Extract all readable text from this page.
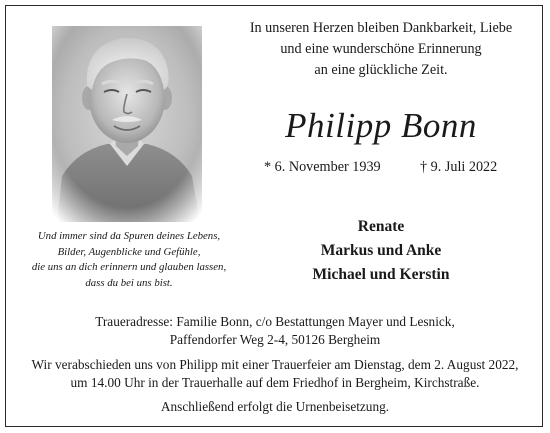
In unseren Herzen bleiben Dankbarkeit, Liebe
und eine wunderschöne Erinnerung
an eine glückliche Zeit.
Philipp Bonn
* 6. November 1939	† 9. Juli 2022
Und immer sind da Spuren deines Lebens,
Bilder, Augenblicke und Gefühle,
die uns an dich erinnern und glauben lassen,
dass du bei uns bist.
Renate
Markus und Anke
Michael und Kerstin
Traueradresse: Familie Bonn, c/o Bestattungen Mayer und Lesnick,
Paffendorfer Weg 2-4, 50126 Bergheim
Wir verabschieden uns von Philipp mit einer Trauerfeier am Dienstag, dem 2. August 2022,
um 14.00 Uhr in der Trauerhalle auf dem Friedhof in Bergheim, Kirchstraße.
Anschließend erfolgt die Urnenbeisetzung.
